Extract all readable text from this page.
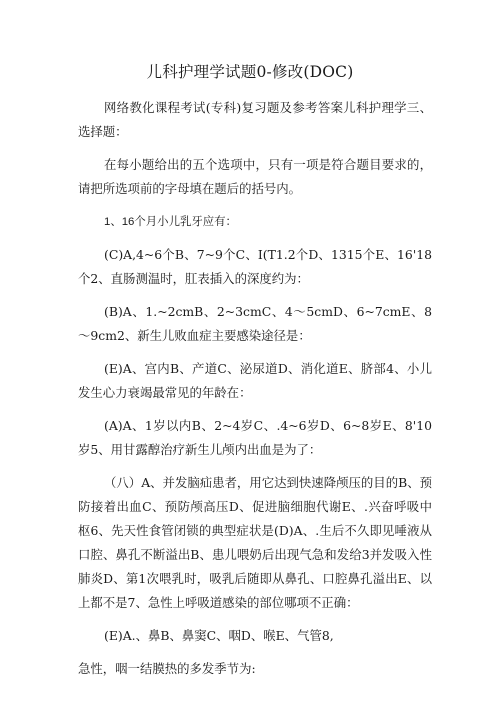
儿科护理学试题0-修改(DOC)

网络教化课程考试(专科)复习题及参考答案儿科护理学三、选择题：

在每小题给出的五个选项中，只有一项是符合题目要求的，请把所选项前的字母填在题后的括号内。

1、16个月小儿乳牙应有：

(C)A,4~6个B、7~9个C、I(T1.2个D、1315个E、16'18个2、直肠测温时，肛表插入的深度约为：

(B)A、1.~2cmB、2~3cmC、4～5cmD、6~7cmE、8～9cm2、新生儿败血症主要感染途径是：

(E)A、宫内B、产道C、泌尿道D、消化道E、脐部4、小儿发生心力衰竭最常见的年龄在：

(A)A、1岁以内B、2~4岁C、.4~6岁D、6~8岁E、8'10岁5、用甘露醇治疗新生儿颅内出血是为了：

（八）A、并发脑疝患者，用它达到快速降颅压的目的B、预防接着出血C、预防颅高压D、促进脑细胞代谢E、.兴奋呼吸中枢6、先天性食管闭锁的典型症状是(D)A、.生后不久即见唾液从口腔、鼻孔不断溢出B、患儿喂奶后出现气急和发给3并发吸入性肺炎D、第1次喂乳时，吸乳后随即从鼻孔、口腔鼻孔溢出E、以上都不是7、急性上呼吸道感染的部位哪项不正确：

(E)A.、鼻B、鼻窦C、咽D、喉E、气管8,

急性，咽一结膜热的多发季节为:
